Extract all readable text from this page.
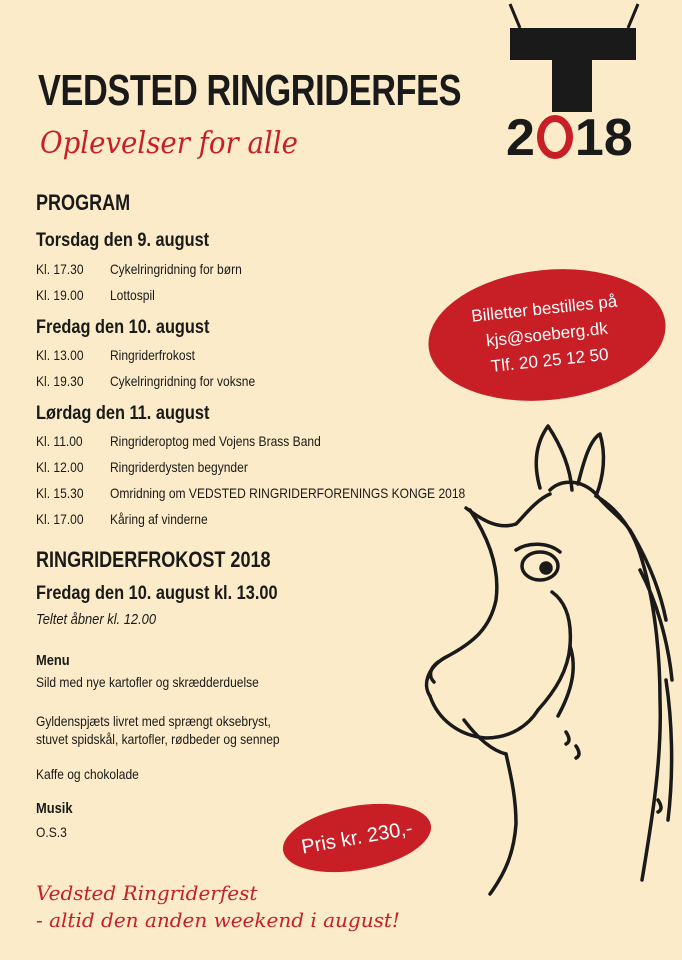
VEDSTED RINGRIDERFES
2 18
Oplevelser for alle
PROGRAM
Torsdag den 9. august
Kl. 17.30 Cykelringridning for børn
Kl. 19.00 Lottospil
Fredag den 10. august
Kl. 13.00 Ringriderfrokost
Kl. 19.30 Cykelringridning for voksne
Lørdag den 11. august
Kl. 11.00 Ringrideroptog med Vojens Brass Band
Kl. 12.00 Ringriderdysten begynder
Kl. 15.30 Omridning om VEDSTED RINGRIDERFORENINGS KONGE 2018
Kl. 17.00 Kåring af vinderne
RINGRIDERFROKOST 2018
Fredag den 10. august kl. 13.00
Teltet åbner kl. 12.00
Menu
Sild med nye kartofler og skrædderduelse
Gyldenspjæts livret med sprængt oksebryst,
stuvet spidskål, kartofler, rødbeder og sennep
Kaffe og chokolade
Musik
O.S.3
Billetter bestilles på
kjs@soeberg.dk
Tlf. 20 25 12 50
Pris kr. 230,-
Vedsted Ringriderfest
- altid den anden weekend i august!
